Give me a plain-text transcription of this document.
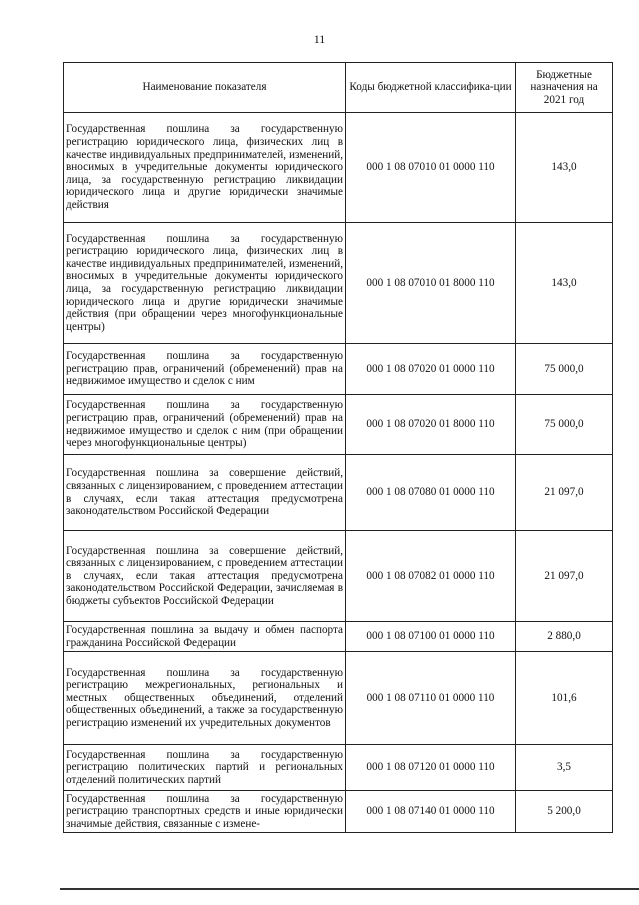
11
Наименование показателя	Коды бюджетной классифика-ции	Бюджетные назначения на 2021 год
Государственная пошлина за государственную регистрацию юридического лица, физических лиц в качестве индивидуальных предпринимателей, изменений, вносимых в учредительные документы юридического лица, за государственную регистрацию ликвидации юридического лица и другие юридически значимые действия	000 1 08 07010 01 0000 110	143,0
Государственная пошлина за государственную регистрацию юридического лица, физических лиц в качестве индивидуальных предпринимателей, изменений, вносимых в учредительные документы юридического лица, за государственную регистрацию ликвидации юридического лица и другие юридически значимые действия (при обращении через многофункциональные центры)	000 1 08 07010 01 8000 110	143,0
Государственная пошлина за государственную регистрацию прав, ограничений (обременений) прав на недвижимое имущество и сделок с ним	000 1 08 07020 01 0000 110	75 000,0
Государственная пошлина за государственную регистрацию прав, ограничений (обременений) прав на недвижимое имущество и сделок с ним (при обращении через многофункциональные центры)	000 1 08 07020 01 8000 110	75 000,0
Государственная пошлина за совершение действий, связанных с лицензированием, с проведением аттестации в случаях, если такая аттестация предусмотрена законодательством Российской Федерации	000 1 08 07080 01 0000 110	21 097,0
Государственная пошлина за совершение действий, связанных с лицензированием, с проведением аттестации в случаях, если такая аттестация предусмотрена законодательством Российской Федерации, зачисляемая в бюджеты субъектов Российской Федерации	000 1 08 07082 01 0000 110	21 097,0
Государственная пошлина за выдачу и обмен паспорта гражданина Российской Федерации	000 1 08 07100 01 0000 110	2 880,0
Государственная пошлина за государственную регистрацию межрегиональных, региональных и местных общественных объединений, отделений общественных объединений, а также за государственную регистрацию изменений их учредительных документов	000 1 08 07110 01 0000 110	101,6
Государственная пошлина за государственную регистрацию политических партий и региональных отделений политических партий	000 1 08 07120 01 0000 110	3,5
Государственная пошлина за государственную регистрацию транспортных средств и иные юридически значимые действия, связанные с измене-	000 1 08 07140 01 0000 110	5 200,0
